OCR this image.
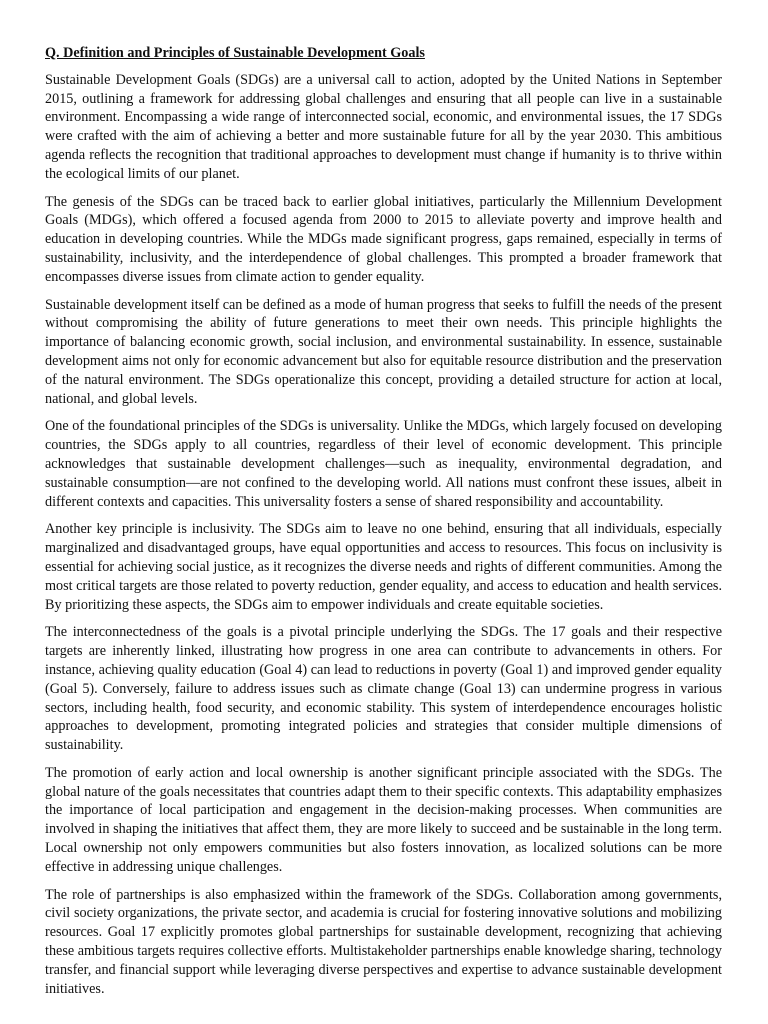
Q. Definition and Principles of Sustainable Development Goals

Sustainable Development Goals (SDGs) are a universal call to action, adopted by the United Nations in September 2015, outlining a framework for addressing global challenges and ensuring that all people can live in a sustainable environment. Encompassing a wide range of interconnected social, economic, and environmental issues, the 17 SDGs were crafted with the aim of achieving a better and more sustainable future for all by the year 2030. This ambitious agenda reflects the recognition that traditional approaches to development must change if humanity is to thrive within the ecological limits of our planet.

The genesis of the SDGs can be traced back to earlier global initiatives, particularly the Millennium Development Goals (MDGs), which offered a focused agenda from 2000 to 2015 to alleviate poverty and improve health and education in developing countries. While the MDGs made significant progress, gaps remained, especially in terms of sustainability, inclusivity, and the interdependence of global challenges. This prompted a broader framework that encompasses diverse issues from climate action to gender equality.

Sustainable development itself can be defined as a mode of human progress that seeks to fulfill the needs of the present without compromising the ability of future generations to meet their own needs. This principle highlights the importance of balancing economic growth, social inclusion, and environmental sustainability. In essence, sustainable development aims not only for economic advancement but also for equitable resource distribution and the preservation of the natural environment. The SDGs operationalize this concept, providing a detailed structure for action at local, national, and global levels.

One of the foundational principles of the SDGs is universality. Unlike the MDGs, which largely focused on developing countries, the SDGs apply to all countries, regardless of their level of economic development. This principle acknowledges that sustainable development challenges—such as inequality, environmental degradation, and sustainable consumption—are not confined to the developing world. All nations must confront these issues, albeit in different contexts and capacities. This universality fosters a sense of shared responsibility and accountability.

Another key principle is inclusivity. The SDGs aim to leave no one behind, ensuring that all individuals, especially marginalized and disadvantaged groups, have equal opportunities and access to resources. This focus on inclusivity is essential for achieving social justice, as it recognizes the diverse needs and rights of different communities. Among the most critical targets are those related to poverty reduction, gender equality, and access to education and health services. By prioritizing these aspects, the SDGs aim to empower individuals and create equitable societies.

The interconnectedness of the goals is a pivotal principle underlying the SDGs. The 17 goals and their respective targets are inherently linked, illustrating how progress in one area can contribute to advancements in others. For instance, achieving quality education (Goal 4) can lead to reductions in poverty (Goal 1) and improved gender equality (Goal 5). Conversely, failure to address issues such as climate change (Goal 13) can undermine progress in various sectors, including health, food security, and economic stability. This system of interdependence encourages holistic approaches to development, promoting integrated policies and strategies that consider multiple dimensions of sustainability.

The promotion of early action and local ownership is another significant principle associated with the SDGs. The global nature of the goals necessitates that countries adapt them to their specific contexts. This adaptability emphasizes the importance of local participation and engagement in the decision-making processes. When communities are involved in shaping the initiatives that affect them, they are more likely to succeed and be sustainable in the long term. Local ownership not only empowers communities but also fosters innovation, as localized solutions can be more effective in addressing unique challenges.

The role of partnerships is also emphasized within the framework of the SDGs. Collaboration among governments, civil society organizations, the private sector, and academia is crucial for fostering innovative solutions and mobilizing resources. Goal 17 explicitly promotes global partnerships for sustainable development, recognizing that achieving these ambitious targets requires collective efforts. Multistakeholder partnerships enable knowledge sharing, technology transfer, and financial support while leveraging diverse perspectives and expertise to advance sustainable development initiatives.
